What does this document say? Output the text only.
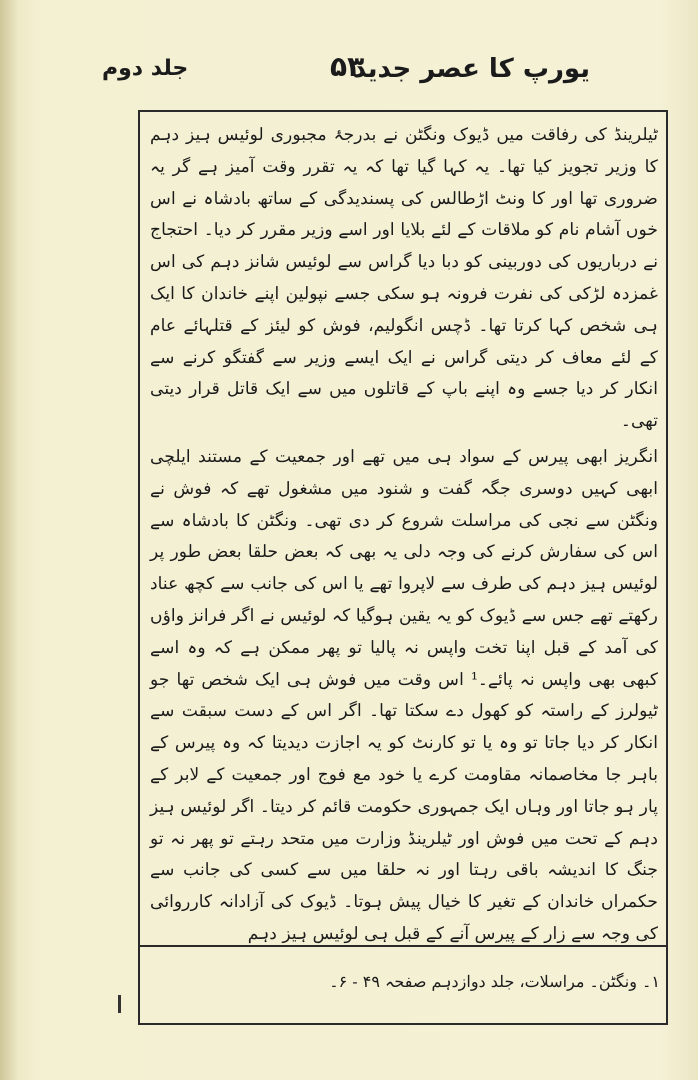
یورپ کا عصر جدید
۵۳
جلد دوم

ٹیلرینڈ کی رفاقت میں ڈیوک ونگٹن نے بدرجۂ مجبوری لوئیس ہیز دہم کا وزیر تجویز کیا تھا۔ یہ کہا گیا تھا کہ یہ تقرر وقت آمیز ہے گر یہ ضروری تھا اور کا ونٹ اڑطالس کی پسندیدگی کے ساتھ بادشاہ نے اس خوں آشام نام کو ملاقات کے لئے بلایا اور اسے وزیر مقرر کر دیا۔ احتجاج نے درباریوں کی دوربینی کو دبا دیا گراس سے لوئیس شانز دہم کی اس غمزدہ لڑکی کی نفرت فرونہ ہو سکی جسے نپولین اپنے خاندان کا ایک ہی شخص کہا کرتا تھا۔ ڈچس انگولیم، فوش کو لیئز کے قتلہائے عام کے لئے معاف کر دیتی گراس نے ایک ایسے وزیر سے گفتگو کرنے سے انکار کر دیا جسے وہ اپنے باپ کے قاتلوں میں سے ایک قاتل قرار دیتی تھی۔

انگریز ابھی پیرس کے سواد ہی میں تھے اور جمعیت کے مستند ایلچی ابھی کہیں دوسری جگہ گفت و شنود میں مشغول تھے کہ فوش نے ونگٹن سے نجی کی مراسلت شروع کر دی تھی۔ ونگٹن کا بادشاہ سے اس کی سفارش کرنے کی وجہ دلی یہ بھی کہ بعض حلقا بعض طور پر لوئیس ہیز دہم کی طرف سے لاپروا تھے یا اس کی جانب سے کچھ عناد رکھتے تھے جس سے ڈیوک کو یہ یقین ہوگیا کہ لوئیس نے اگر فرانز واؤں کی آمد کے قبل اپنا تخت واپس نہ پالیا تو پھر ممکن ہے کہ وہ اسے کبھی بھی واپس نہ پائے۔¹ اس وقت میں فوش ہی ایک شخص تھا جو ٹیولرز کے راستہ کو کھول دے سکتا تھا۔ اگر اس کے دست سبقت سے انکار کر دیا جاتا تو وہ یا تو کارنٹ کو یہ اجازت دیدیتا کہ وہ پیرس کے باہر جا مخاصمانہ مقاومت کرے یا خود مع فوج اور جمعیت کے لابر کے پار ہو جاتا اور وہاں ایک جمہوری حکومت قائم کر دیتا۔ اگر لوئیس ہیز دہم کے تحت میں فوش اور ٹیلرینڈ وزارت میں متحد رہتے تو پھر نہ تو جنگ کا اندیشہ باقی رہتا اور نہ حلقا میں سے کسی کی جانب سے حکمراں خاندان کے تغیر کا خیال پیش ہوتا۔ ڈیوک کی آزادانہ کارروائی کی وجہ سے زار کے پیرس آنے کے قبل ہی لوئیس ہیز دہم

۱۔ ونگٹن۔ مراسلات، جلد دوازدہم صفحہ ۴۹ - ۶۔
